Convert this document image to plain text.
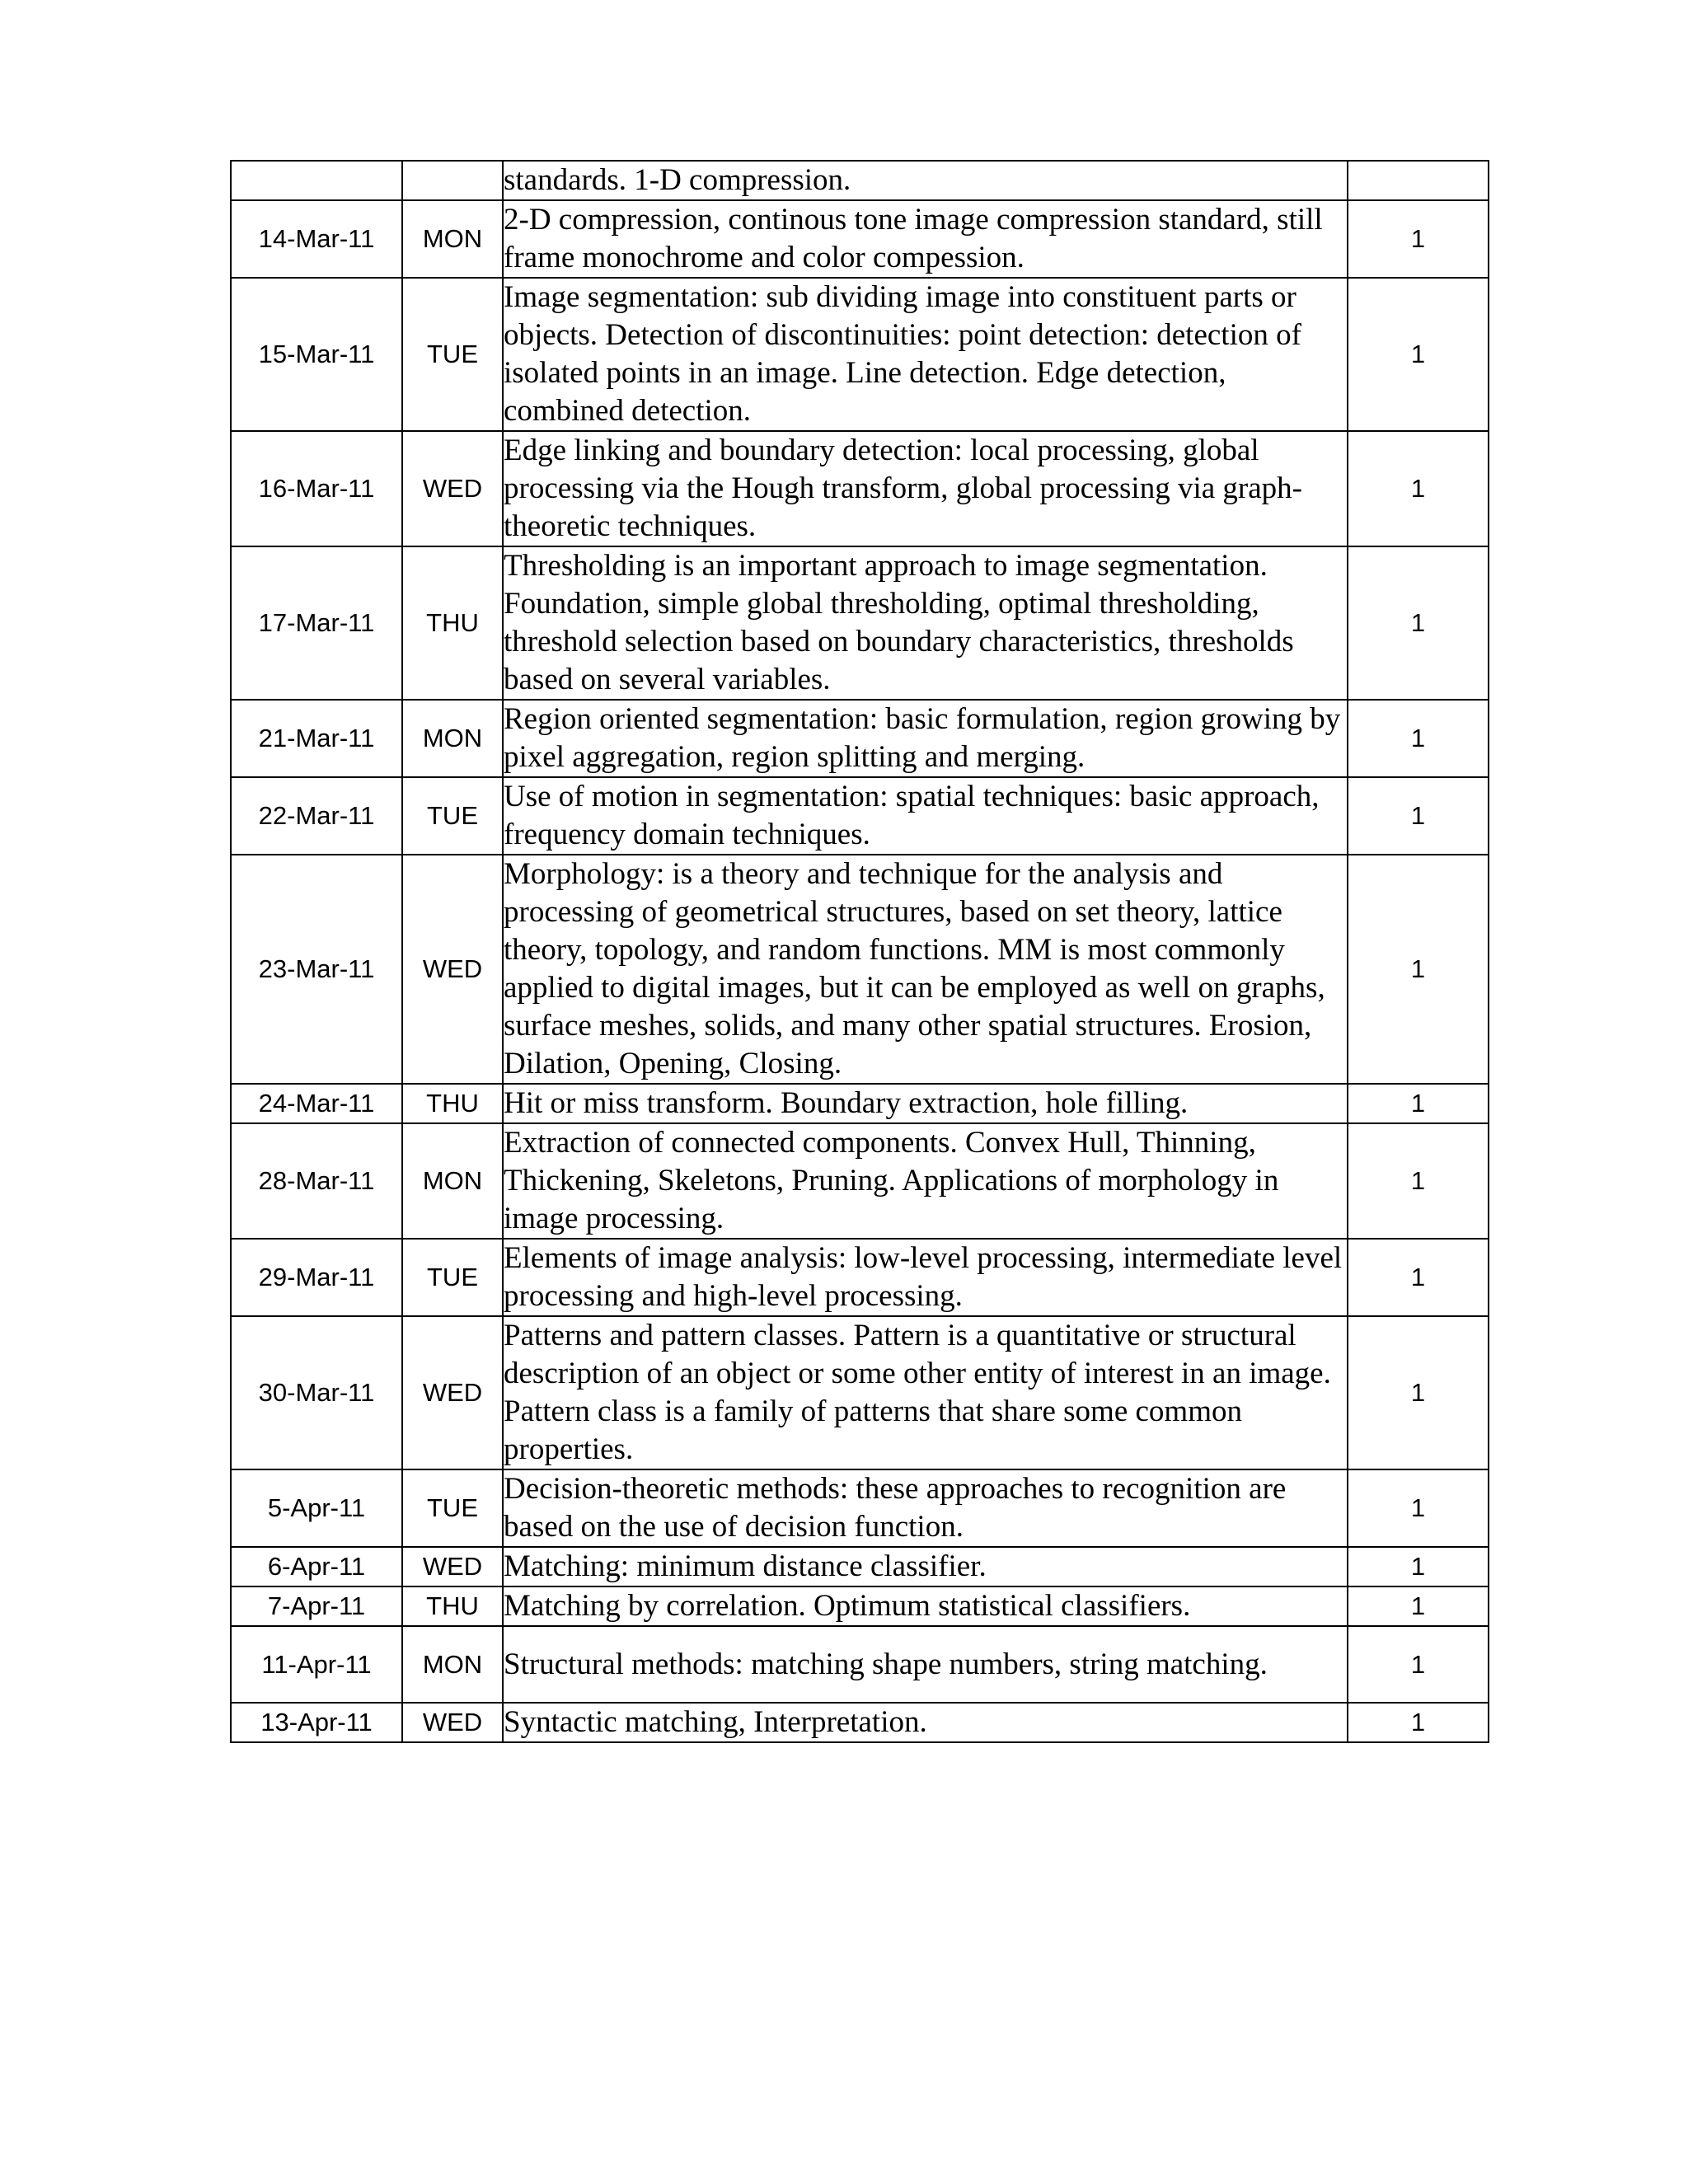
		standards. 1-D compression.	
14-Mar-11	MON	2-D compression, continous tone image compression standard, still frame monochrome and color compession.	1
15-Mar-11	TUE	Image segmentation: sub dividing image into constituent parts or objects. Detection of discontinuities: point detection: detection of isolated points in an image. Line detection. Edge detection, combined detection.	1
16-Mar-11	WED	Edge linking and boundary detection: local processing, global processing via the Hough transform, global processing via graph-theoretic techniques.	1
17-Mar-11	THU	Thresholding is an important approach to image segmentation. Foundation, simple global thresholding, optimal thresholding, threshold selection based on boundary characteristics, thresholds based on several variables.	1
21-Mar-11	MON	Region oriented segmentation: basic formulation, region growing by pixel aggregation, region splitting and merging.	1
22-Mar-11	TUE	Use of motion in segmentation: spatial techniques: basic approach, frequency domain techniques.	1
23-Mar-11	WED	Morphology: is a theory and technique for the analysis and processing of geometrical structures, based on set theory, lattice theory, topology, and random functions. MM is most commonly applied to digital images, but it can be employed as well on graphs, surface meshes, solids, and many other spatial structures. Erosion, Dilation, Opening, Closing.	1
24-Mar-11	THU	Hit or miss transform. Boundary extraction, hole filling.	1
28-Mar-11	MON	Extraction of connected components. Convex Hull, Thinning, Thickening, Skeletons, Pruning. Applications of morphology in image processing.	1
29-Mar-11	TUE	Elements of image analysis: low-level processing, intermediate level processing and high-level processing.	1
30-Mar-11	WED	Patterns and pattern classes. Pattern is a quantitative or structural description of an object or some other entity of interest in an image. Pattern class is a family of patterns that share some common properties.	1
5-Apr-11	TUE	Decision-theoretic methods: these approaches to recognition are based on the use of decision function.	1
6-Apr-11	WED	Matching: minimum distance classifier.	1
7-Apr-11	THU	Matching by correlation. Optimum statistical classifiers.	1
11-Apr-11	MON	Structural methods: matching shape numbers, string matching.	1
13-Apr-11	WED	Syntactic matching, Interpretation.	1
